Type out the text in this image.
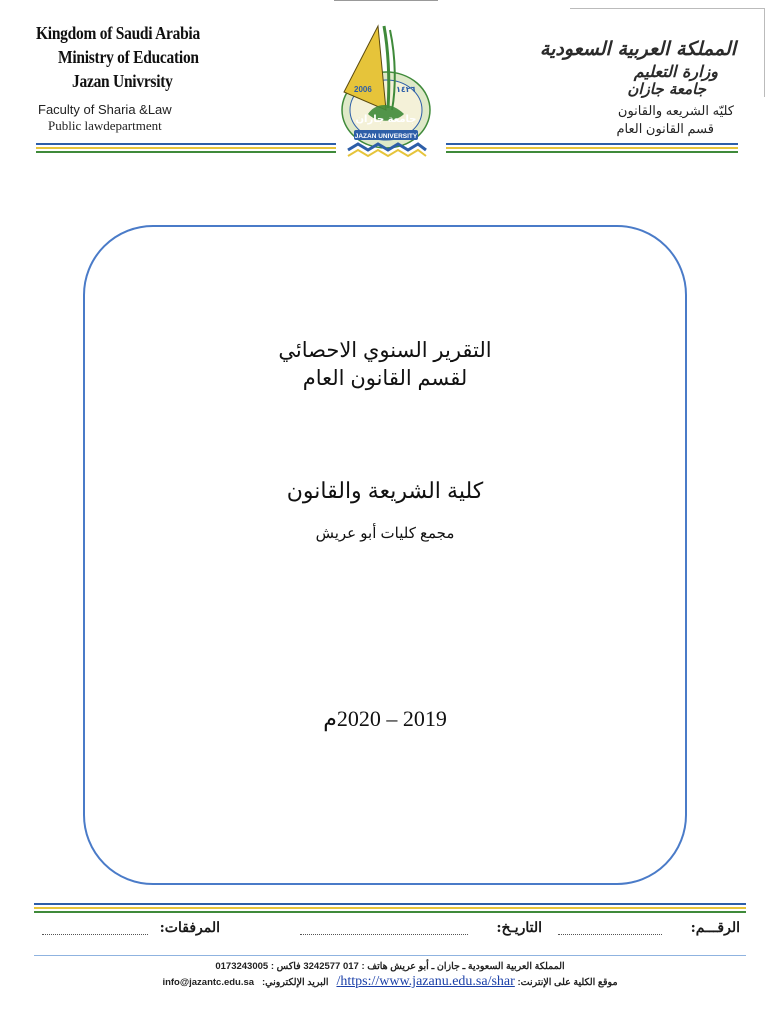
Kingdom of Saudi Arabia
Ministry of Education
Jazan Univrsity
Faculty of Sharia &Law
Public lawdepartment
المملكة العربية السعودية
وزارة التعليم
جامعة جازان
كليّه الشريعه والقانون
قسم القانون العام
2006	١٤٢٦
جامعة جازان
JAZAN UNIVERSITY
التقرير السنوي الاحصائي
لقسم القانون العام
كلية الشريعة والقانون
مجمع كليات أبو عريش
2019 – 2020م
الرقـــم:
التاريـخ:
المرفقات:
المملكة العربية السعودية ـ جازان ـ أبو عريش هاتف : 017 3242577 فاكس : 0173243005
موقع الكلية على الإنترنت: https://www.jazanu.edu.sa/shar/   البريد الإلكتروني:   info@jazantc.edu.sa
